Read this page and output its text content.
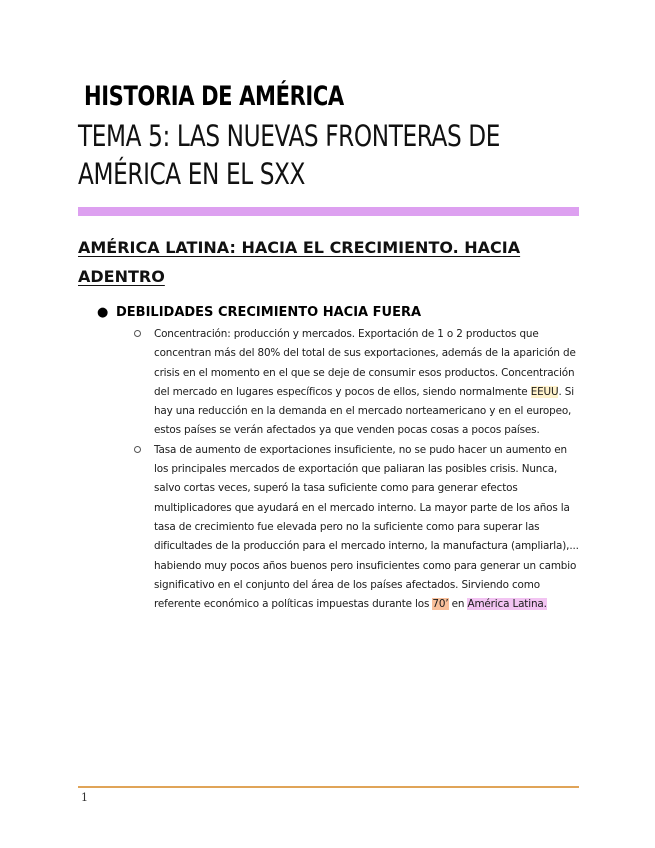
HISTORIA DE AMÉRICA
TEMA 5: LAS NUEVAS FRONTERAS DE AMÉRICA EN EL SXX
AMÉRICA LATINA: HACIA EL CRECIMIENTO. HACIA ADENTRO
● DEBILIDADES CRECIMIENTO HACIA FUERA
Concentración: producción y mercados. Exportación de 1 o 2 productos que concentran más del 80% del total de sus exportaciones, además de la aparición de crisis en el momento en el que se deje de consumir esos productos. Concentración del mercado en lugares específicos y pocos de ellos, siendo normalmente EEUU. Si hay una reducción en la demanda en el mercado norteamericano y en el europeo, estos países se verán afectados ya que venden pocas cosas a pocos países.
Tasa de aumento de exportaciones insuficiente, no se pudo hacer un aumento en los principales mercados de exportación que paliaran las posibles crisis. Nunca, salvo cortas veces, superó la tasa suficiente como para generar efectos multiplicadores que ayudará en el mercado interno. La mayor parte de los años la tasa de crecimiento fue elevada pero no la suficiente como para superar las dificultades de la producción para el mercado interno, la manufactura (ampliarla),... habiendo muy pocos años buenos pero insuficientes como para generar un cambio significativo en el conjunto del área de los países afectados. Sirviendo como referente económico a políticas impuestas durante los 70’ en América Latina.
1
